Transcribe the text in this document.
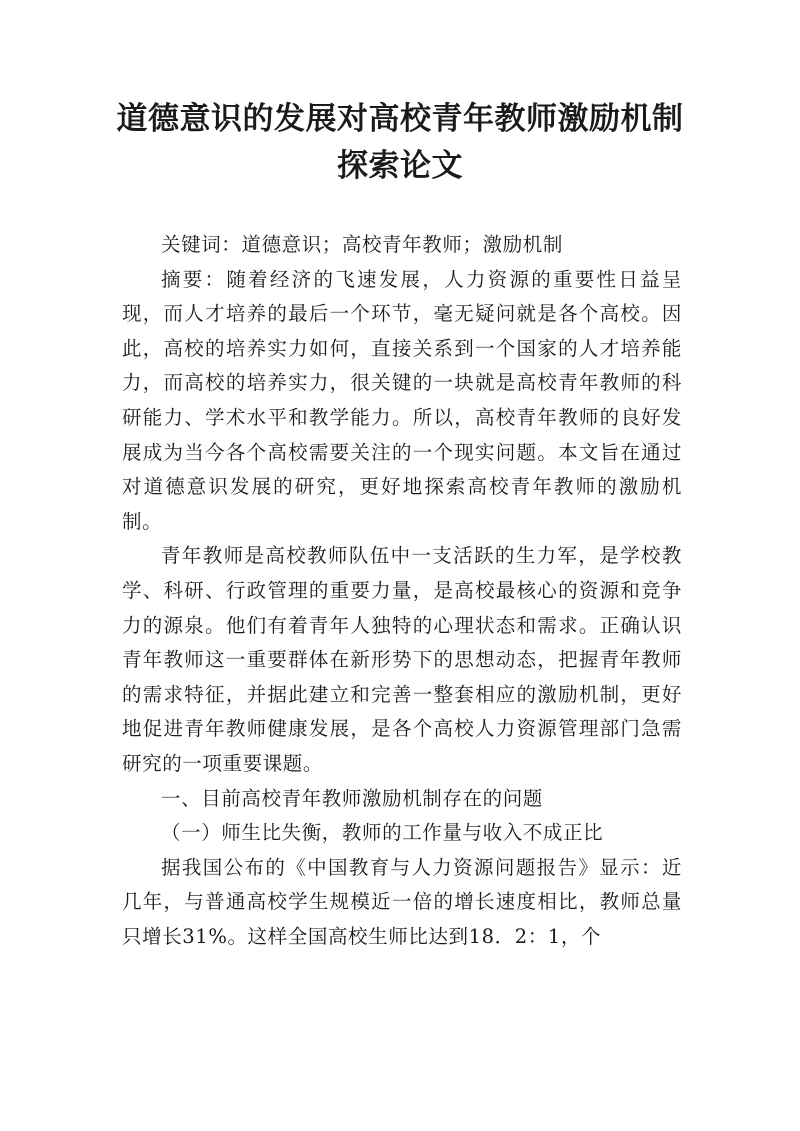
道德意识的发展对高校青年教师激励机制
探索论文

关键词：道德意识；高校青年教师；激励机制

摘要：随着经济的飞速发展，人力资源的重要性日益呈现，而人才培养的最后一个环节，毫无疑问就是各个高校。因此，高校的培养实力如何，直接关系到一个国家的人才培养能力，而高校的培养实力，很关键的一块就是高校青年教师的科研能力、学术水平和教学能力。所以，高校青年教师的良好发展成为当今各个高校需要关注的一个现实问题。本文旨在通过对道德意识发展的研究，更好地探索高校青年教师的激励机制。

青年教师是高校教师队伍中一支活跃的生力军，是学校教学、科研、行政管理的重要力量，是高校最核心的资源和竞争力的源泉。他们有着青年人独特的心理状态和需求。正确认识青年教师这一重要群体在新形势下的思想动态，把握青年教师的需求特征，并据此建立和完善一整套相应的激励机制，更好地促进青年教师健康发展，是各个高校人力资源管理部门急需研究的一项重要课题。

一、目前高校青年教师激励机制存在的问题

（一）师生比失衡，教师的工作量与收入不成正比

据我国公布的《中国教育与人力资源问题报告》显示：近几年，与普通高校学生规模近一倍的增长速度相比，教师总量只增长31%。这样全国高校生师比达到18．2：1，个
